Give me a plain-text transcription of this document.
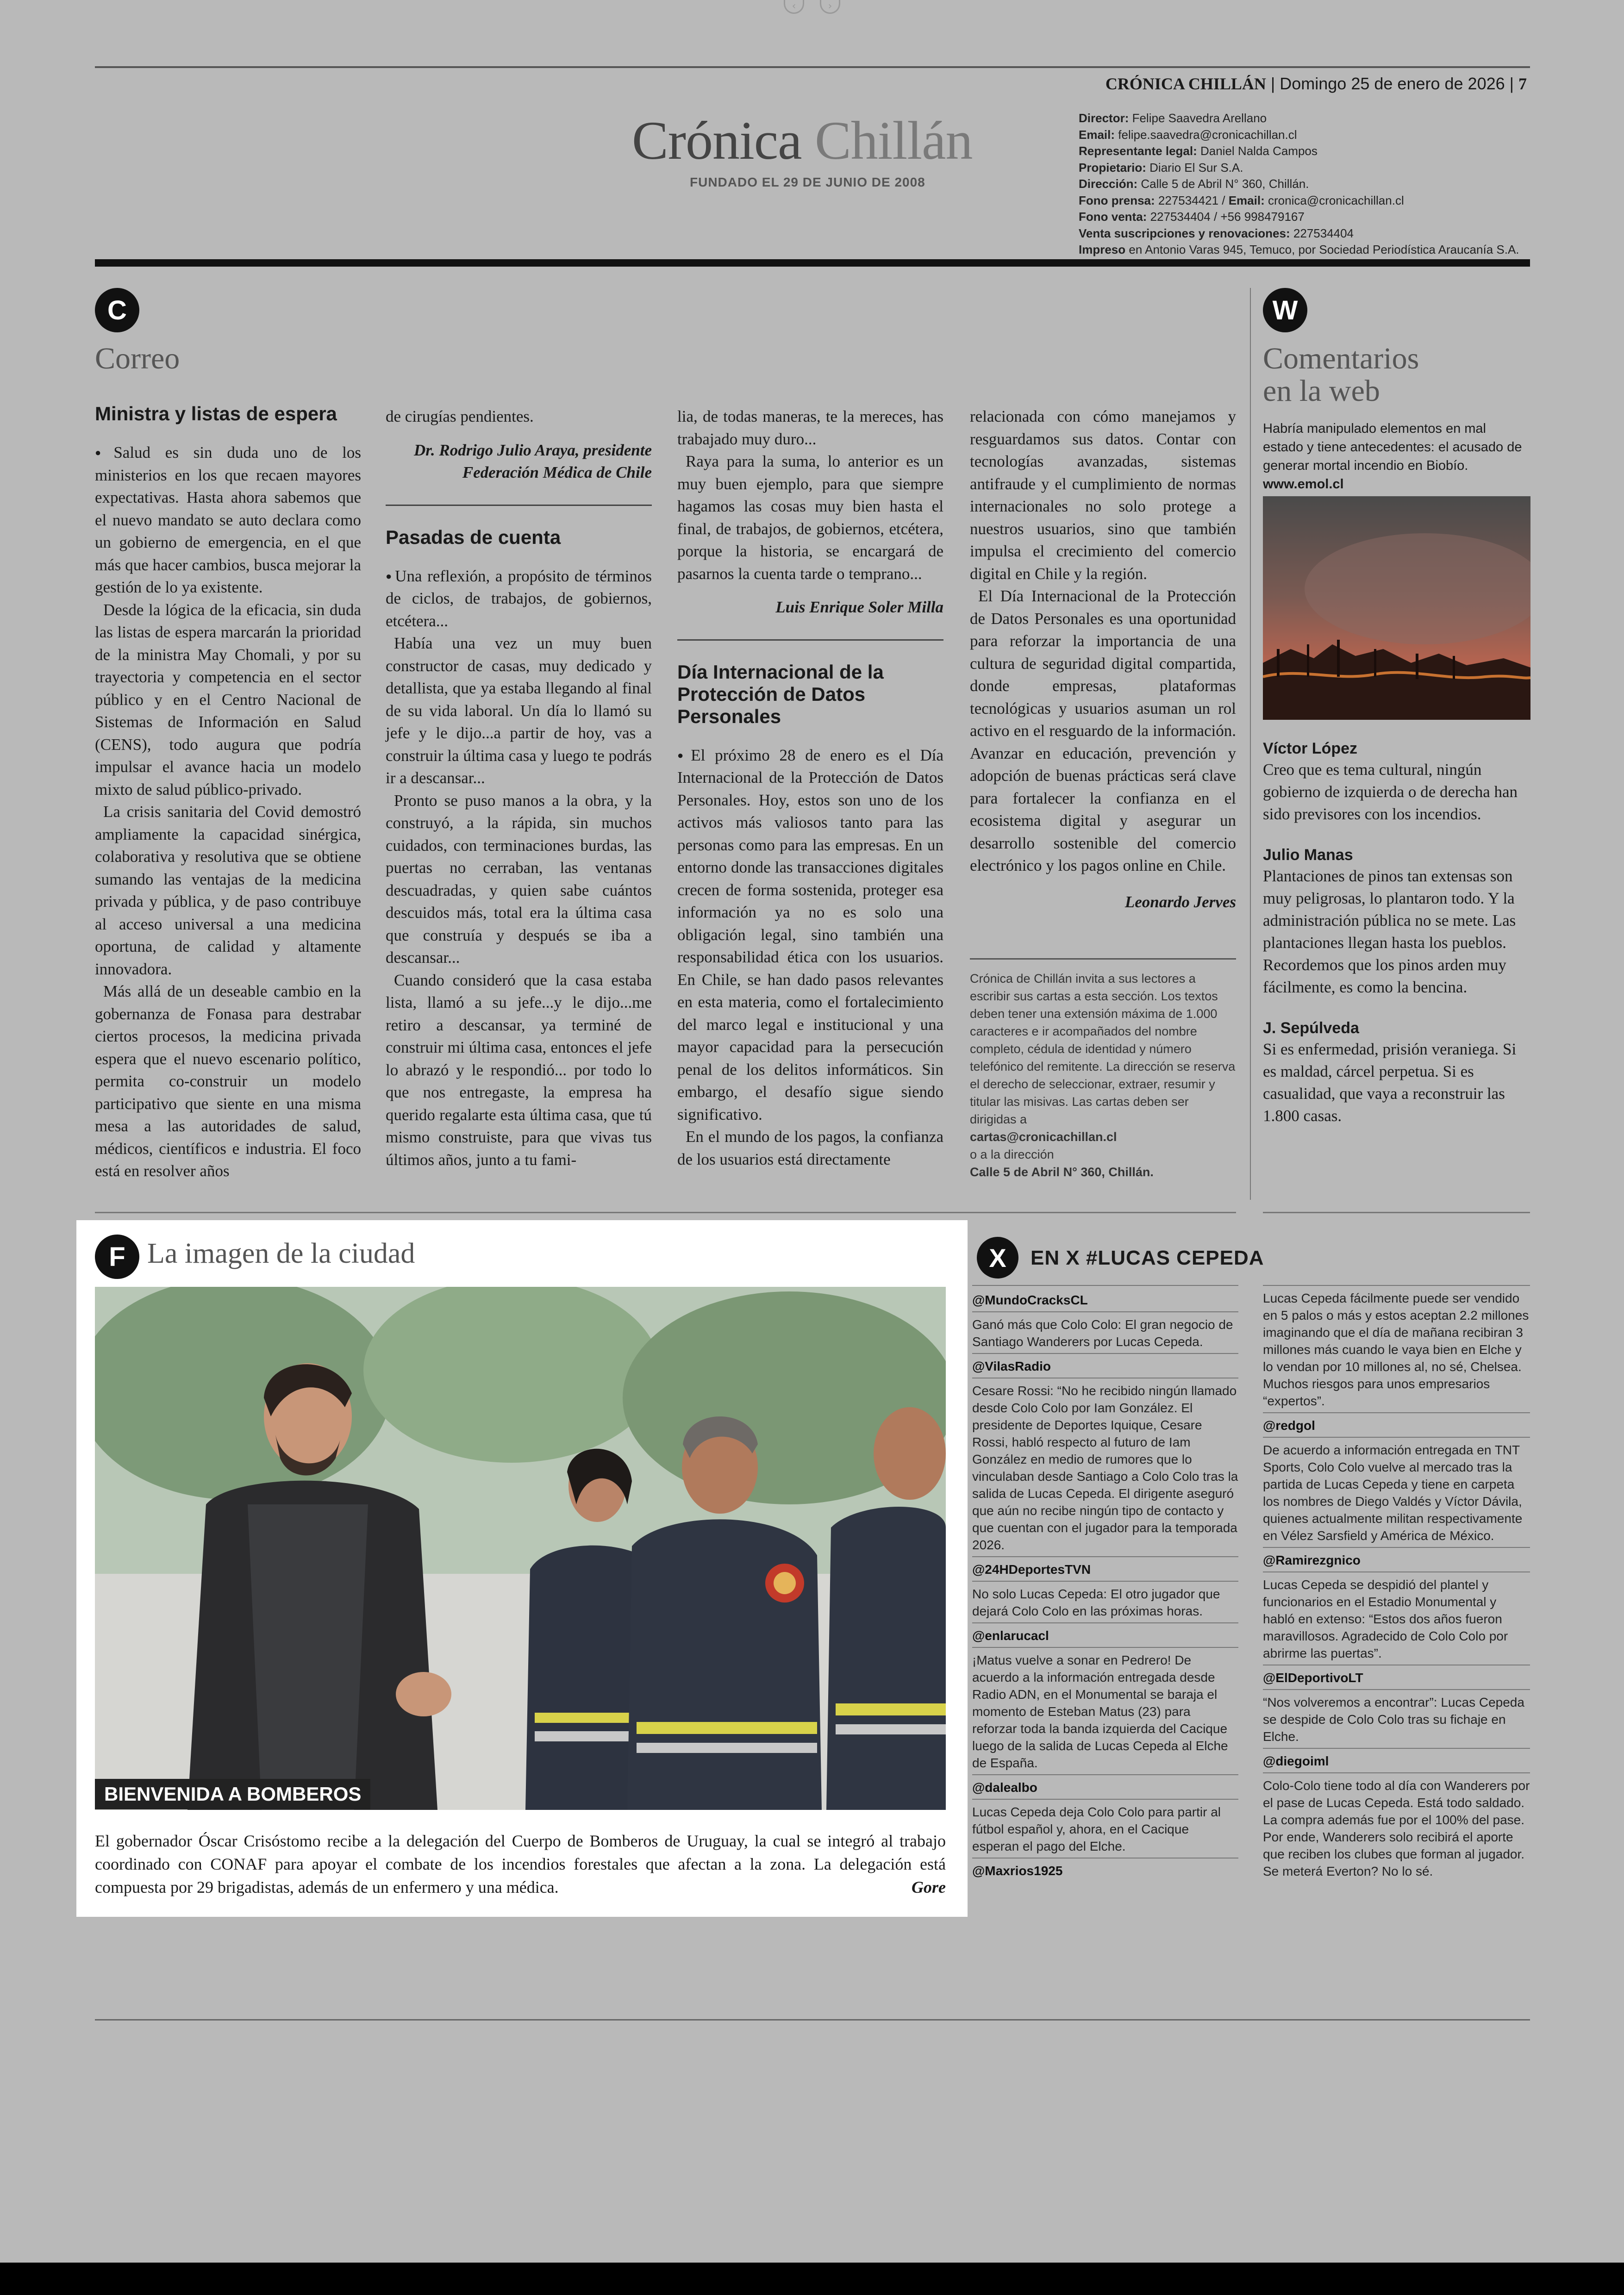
‹	›
CRÓNICA CHILLÁN | Domingo 25 de enero de 2026 | 7
Crónica Chillán
FUNDADO EL 29 DE JUNIO DE 2008
Director: Felipe Saavedra Arellano
Email: felipe.saavedra@cronicachillan.cl
Representante legal: Daniel Nalda Campos
Propietario: Diario El Sur S.A.
Dirección: Calle 5 de Abril N° 360, Chillán.
Fono prensa: 227534421 / Email: cronica@cronicachillan.cl
Fono venta: 227534404 / +56 998479167
Venta suscripciones y renovaciones: 227534404
Impreso en Antonio Varas 945, Temuco, por Sociedad Periodística Araucanía S.A.
C
Correo
Ministra y listas de espera

● Salud es sin duda uno de los ministerios en los que recaen mayores expectativas. Hasta ahora sabemos que el nuevo mandato se auto declara como un gobierno de emergencia, en el que más que hacer cambios, busca mejorar la gestión de lo ya existente.

Desde la lógica de la eficacia, sin duda las listas de espera marcarán la prioridad de la ministra May Chomali, y por su trayectoria y competencia en el sector público y en el Centro Nacional de Sistemas de Información en Salud (CENS), todo augura que podría impulsar el avance hacia un modelo mixto de salud público-privado.

La crisis sanitaria del Covid demostró ampliamente la capacidad sinérgica, colaborativa y resolutiva que se obtiene sumando las ventajas de la medicina privada y pública, y de paso contribuye al acceso universal a una medicina oportuna, de calidad y altamente innovadora.

Más allá de un deseable cambio en la gobernanza de Fonasa para destrabar ciertos procesos, la medicina privada espera que el nuevo escenario político, permita co-construir un modelo participativo que siente en una misma mesa a las autoridades de salud, médicos, científicos e industria. El foco está en resolver años

de cirugías pendientes.

Dr. Rodrigo Julio Araya, presidente Federación Médica de Chile

Pasadas de cuenta

● Una reflexión, a propósito de términos de ciclos, de trabajos, de gobiernos, etcétera...

Había una vez un muy buen constructor de casas, muy dedicado y detallista, que ya estaba llegando al final de su vida laboral. Un día lo llamó su jefe y le dijo...a partir de hoy, vas a construir la última casa y luego te podrás ir a descansar...

Pronto se puso manos a la obra, y la construyó, a la rápida, sin muchos cuidados, con terminaciones burdas, las puertas no cerraban, las ventanas descuadradas, y quien sabe cuántos descuidos más, total era la última casa que construía y después se iba a descansar...

Cuando consideró que la casa estaba lista, llamó a su jefe...y le dijo...me retiro a descansar, ya terminé de construir mi última casa, entonces el jefe lo abrazó y le respondió... por todo lo que nos entregaste, la empresa ha querido regalarte esta última casa, que tú mismo construiste, para que vivas tus últimos años, junto a tu fami-

lia, de todas maneras, te la mereces, has trabajado muy duro...

Raya para la suma, lo anterior es un muy buen ejemplo, para que siempre hagamos las cosas muy bien hasta el final, de trabajos, de gobiernos, etcétera, porque la historia, se encargará de pasarnos la cuenta tarde o temprano...

Luis Enrique Soler Milla

Día Internacional de la Protección de Datos Personales

● El próximo 28 de enero es el Día Internacional de la Protección de Datos Personales. Hoy, estos son uno de los activos más valiosos tanto para las personas como para las empresas. En un entorno donde las transacciones digitales crecen de forma sostenida, proteger esa información ya no es solo una obligación legal, sino también una responsabilidad ética con los usuarios. En Chile, se han dado pasos relevantes en esta materia, como el fortalecimiento del marco legal e institucional y una mayor capacidad para la persecución penal de los delitos informáticos. Sin embargo, el desafío sigue siendo significativo.

En el mundo de los pagos, la confianza de los usuarios está directamente

relacionada con cómo manejamos y resguardamos sus datos. Contar con tecnologías avanzadas, sistemas antifraude y el cumplimiento de normas internacionales no solo protege a nuestros usuarios, sino que también impulsa el crecimiento del comercio digital en Chile y la región.

El Día Internacional de la Protección de Datos Personales es una oportunidad para reforzar la importancia de una cultura de seguridad digital compartida, donde empresas, plataformas tecnológicas y usuarios asuman un rol activo en el resguardo de la información. Avanzar en educación, prevención y adopción de buenas prácticas será clave para fortalecer la confianza en el ecosistema digital y asegurar un desarrollo sostenible del comercio electrónico y los pagos online en Chile.

Leonardo Jerves

Crónica de Chillán invita a sus lectores a escribir sus cartas a esta sección. Los textos deben tener una extensión máxima de 1.000 caracteres e ir acompañados del nombre completo, cédula de identidad y número telefónico del remitente. La dirección se reserva el derecho de seleccionar, extraer, resumir y titular las misivas. Las cartas deben ser dirigidas a
cartas@cronicachillan.cl
o a la dirección
Calle 5 de Abril N° 360, Chillán.
W
Comentarios
en la web
Habría manipulado elementos en mal estado y tiene antecedentes: el acusado de generar mortal incendio en Biobío. www.emol.cl
Víctor López
Creo que es tema cultural, ningún gobierno de izquierda o de derecha han sido previsores con los incendios.
Julio Manas
Plantaciones de pinos tan extensas son muy peligrosas, lo plantaron todo. Y la administración pública no se mete. Las plantaciones llegan hasta los pueblos. Recordemos que los pinos arden muy fácilmente, es como la bencina.
J. Sepúlveda
Si es enfermedad, prisión veraniega. Si es maldad, cárcel perpetua. Si es casualidad, que vaya a reconstruir las 1.800 casas.
F La imagen de la ciudad
BIENVENIDA A BOMBEROS
El gobernador Óscar Crisóstomo recibe a la delegación del Cuerpo de Bomberos de Uruguay, la cual se integró al trabajo coordinado con CONAF para apoyar el combate de los incendios forestales que afectan a la zona. La delegación está compuesta por 29 brigadistas, además de un enfermero y una médica.	Gore
X	EN X #LUCAS CEPEDA
@MundoCracksCL
Ganó más que Colo Colo: El gran negocio de Santiago Wanderers por Lucas Cepeda.
@VilasRadio
Cesare Rossi: “No he recibido ningún llamado desde Colo Colo por Iam González. El presidente de Deportes Iquique, Cesare Rossi, habló respecto al futuro de Iam González en medio de rumores que lo vinculaban desde Santiago a Colo Colo tras la salida de Lucas Cepeda. El dirigente aseguró que aún no recibe ningún tipo de contacto y que cuentan con el jugador para la temporada 2026.
@24HDeportesTVN
No solo Lucas Cepeda: El otro jugador que dejará Colo Colo en las próximas horas.
@enlarucacl
¡Matus vuelve a sonar en Pedrero! De acuerdo a la información entregada desde Radio ADN, en el Monumental se baraja el momento de Esteban Matus (23) para reforzar toda la banda izquierda del Cacique luego de la salida de Lucas Cepeda al Elche de España.
@dalealbo
Lucas Cepeda deja Colo Colo para partir al fútbol español y, ahora, en el Cacique esperan el pago del Elche.
@Maxrios1925
Lucas Cepeda fácilmente puede ser vendido en 5 palos o más y estos aceptan 2.2 millones imaginando que el día de mañana recibiran 3 millones más cuando le vaya bien en Elche y lo vendan por 10 millones al, no sé, Chelsea. Muchos riesgos para unos empresarios “expertos”.
@redgol
De acuerdo a información entregada en TNT Sports, Colo Colo vuelve al mercado tras la partida de Lucas Cepeda y tiene en carpeta los nombres de Diego Valdés y Víctor Dávila, quienes actualmente militan respectivamente en Vélez Sarsfield y América de México.
@Ramirezgnico
Lucas Cepeda se despidió del plantel y funcionarios en el Estadio Monumental y habló en extenso: “Estos dos años fueron maravillosos. Agradecido de Colo Colo por abrirme las puertas”.
@ElDeportivoLT
“Nos volveremos a encontrar”: Lucas Cepeda se despide de Colo Colo tras su fichaje en Elche.
@diegoiml
Colo-Colo tiene todo al día con Wanderers por el pase de Lucas Cepeda. Está todo saldado. La compra además fue por el 100% del pase. Por ende, Wanderers solo recibirá el aporte que reciben los clubes que forman al jugador. Se meterá Everton? No lo sé.
